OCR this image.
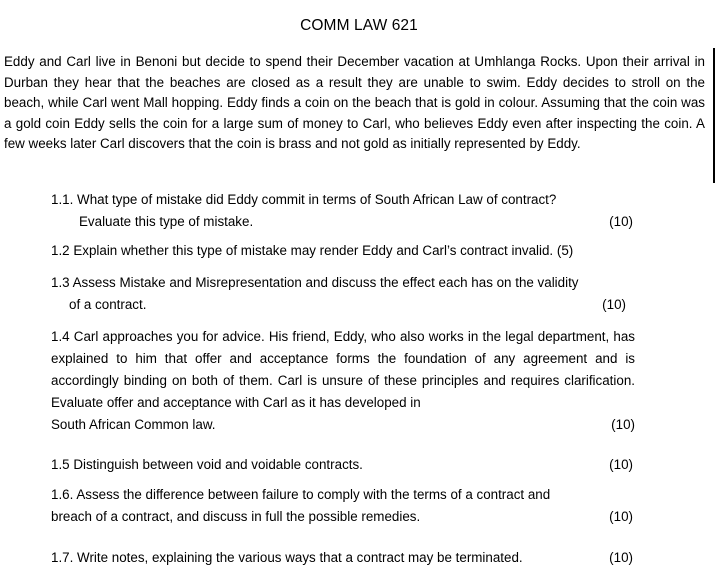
COMM LAW 621
Eddy and Carl live in Benoni but decide to spend their December vacation at Umhlanga Rocks. Upon their arrival in Durban they hear that the beaches are closed as a result they are unable to swim. Eddy decides to stroll on the beach, while Carl went Mall hopping. Eddy finds a coin on the beach that is gold in colour. Assuming that the coin was a gold coin Eddy sells the coin for a large sum of money to Carl, who believes Eddy even after inspecting the coin. A few weeks later Carl discovers that the coin is brass and not gold as initially represented by Eddy.
1.1. What type of mistake did Eddy commit in terms of South African Law of contract?
Evaluate this type of mistake.	(10)
1.2 Explain whether this type of mistake may render Eddy and Carl’s contract invalid. (5)
1.3 Assess Mistake and Misrepresentation and discuss the effect each has on the validity
of a contract.	(10)
1.4 Carl approaches you for advice. His friend, Eddy, who also works in the legal department, has explained to him that offer and acceptance forms the foundation of any agreement and is accordingly binding on both of them. Carl is unsure of these principles and requires clarification. Evaluate offer and acceptance with Carl as it has developed in
South African Common law.	(10)
1.5 Distinguish between void and voidable contracts.	(10)
1.6. Assess the difference between failure to comply with the terms of a contract and
breach of a contract, and discuss in full the possible remedies.	(10)
1.7. Write notes, explaining the various ways that a contract may be terminated.	(10)
